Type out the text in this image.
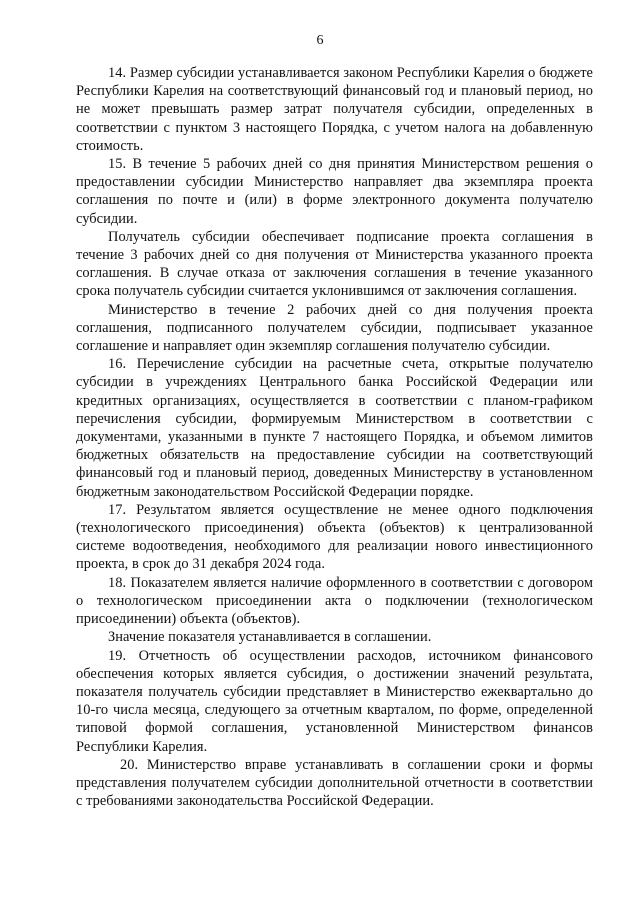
6

14. Размер субсидии устанавливается законом Республики Карелия о бюджете Республики Карелия на соответствующий финансовый год и плановый период, но не может превышать размер затрат получателя субсидии, определенных в соответствии с пунктом 3 настоящего Порядка, с учетом налога на добавленную стоимость.

15. В течение 5 рабочих дней со дня принятия Министерством решения о предоставлении субсидии Министерство направляет два экземпляра проекта соглашения по почте и (или) в форме электронного документа получателю субсидии.

Получатель субсидии обеспечивает подписание проекта соглашения в течение 3 рабочих дней со дня получения от Министерства указанного проекта соглашения. В случае отказа от заключения соглашения в течение указанного срока получатель субсидии считается уклонившимся от заключения соглашения.

Министерство в течение 2 рабочих дней со дня получения проекта соглашения, подписанного получателем субсидии, подписывает указанное соглашение и направляет один экземпляр соглашения получателю субсидии.

16. Перечисление субсидии на расчетные счета, открытые получателю субсидии в учреждениях Центрального банка Российской Федерации или кредитных организациях, осуществляется в соответствии с планом-графиком перечисления субсидии, формируемым Министерством в соответствии с документами, указанными в пункте 7 настоящего Порядка, и объемом лимитов бюджетных обязательств на предоставление субсидии на соответствующий финансовый год и плановый период, доведенных Министерству в установленном бюджетным законодательством Российской Федерации порядке.

17. Результатом является осуществление не менее одного подключения (технологического присоединения) объекта (объектов) к централизованной системе водоотведения, необходимого для реализации нового инвестиционного проекта, в срок до 31 декабря 2024 года.

18. Показателем является наличие оформленного в соответствии с договором о технологическом присоединении акта о подключении (технологическом присоединении) объекта (объектов).

Значение показателя устанавливается в соглашении.

19. Отчетность об осуществлении расходов, источником финансового обеспечения которых является субсидия, о достижении значений результата, показателя получатель субсидии представляет в Министерство ежеквартально до 10-го числа месяца, следующего за отчетным кварталом, по форме, определенной типовой формой соглашения, установленной Министерством финансов Республики Карелия.

20. Министерство вправе устанавливать в соглашении сроки и формы представления получателем субсидии дополнительной отчетности в соответствии с требованиями законодательства Российской Федерации.
